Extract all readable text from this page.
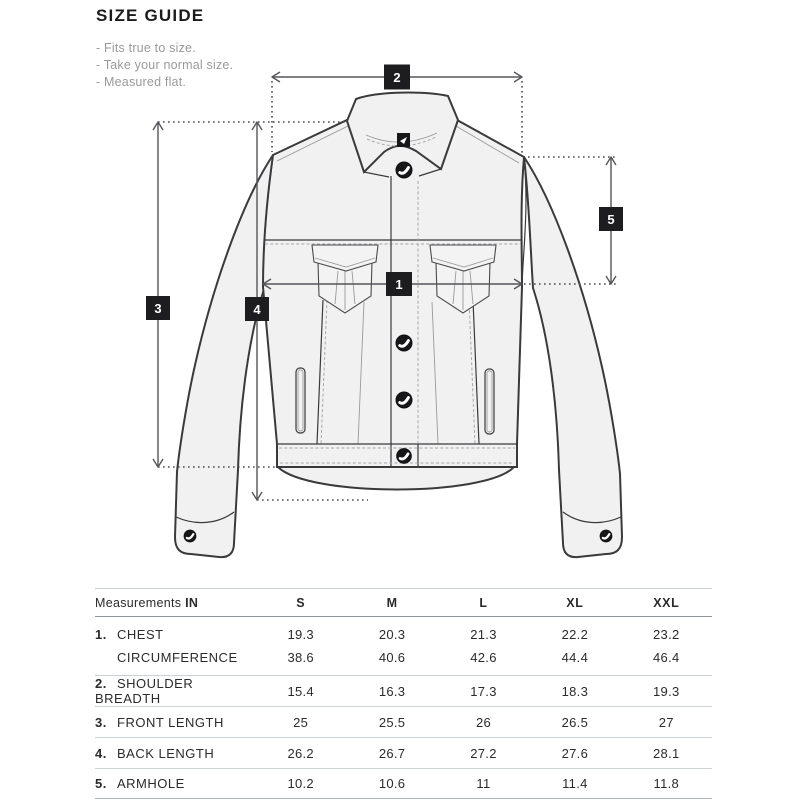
SIZE GUIDE
- Fits true to size.
- Take your normal size.
- Measured flat.	2
5
1
3	4
Measurements IN	S	M	L	XL	XXL
1. CHEST	19.3	20.3	21.3	22.2	23.2
CIRCUMFERENCE	38.6	40.6	42.6	44.4	46.4
2. SHOULDER BREADTH	15.4	16.3	17.3	18.3	19.3
3. FRONT LENGTH	25	25.5	26	26.5	27
4. BACK LENGTH	26.2	26.7	27.2	27.6	28.1
5. ARMHOLE	10.2	10.6	11	11.4	11.8
